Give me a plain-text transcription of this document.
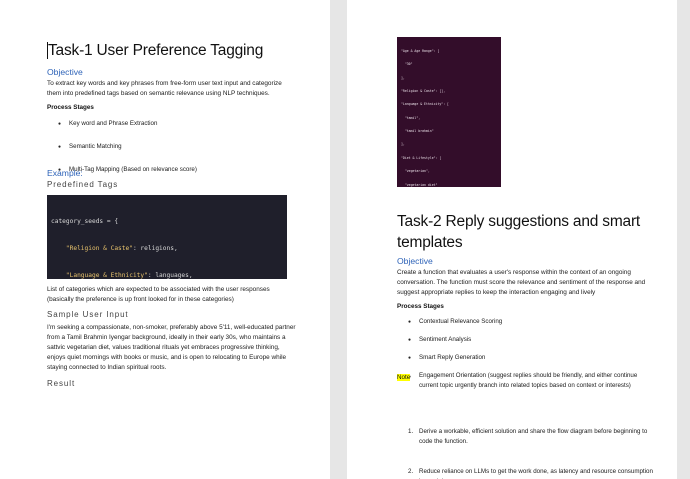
Task-1 User Preference Tagging
Objective
To extract key words and key phrases from free-form user text input and categorize them into predefined tags based on semantic relevance using NLP techniques.
Process Stages
● Key word and Phrase Extraction
● Semantic Matching
● Multi-Tag Mapping (Based on relevance score)
Example:
Predefined Tags

category_seeds = {

"Religion & Caste": religions,

"Language & Ethnicity": languages,

List of categories which are expected to be associated with the user responses (basically the preference is up front looked for in these categories)
Sample User Input
I'm seeking a compassionate, non-smoker, preferably above 5'11, well-educated partner from a Tamil Brahmin Iyengar background, ideally in their early 30s, who maintains a sattvic vegetarian diet, values traditional rituals yet embraces progressive thinking, enjoys quiet mornings with books or music, and is open to relocating to Europe while staying connected to Indian spiritual roots.
Result

"Age & Age Range": [

"30"

],

"Religion & Caste": [],

"Language & Ethnicity": [

"tamil",

"tamil brahmin"

],

"Diet & Lifestyle": [

"vegetarian",

"vegetarian diet"

Task-2 Reply suggestions and smart templates
Objective
Create a function that evaluates a user's response within the context of an ongoing conversation. The function must score the relevance and sentiment of the response and suggest appropriate replies to keep the interaction engaging and lively
Process Stages
● Contextual Relevance Scoring
● Sentiment Analysis
● Smart Reply Generation
● Engagement Orientation (suggest replies should be friendly, and either continue current topic urgently branch into related topics based on context or interests)
Note
1. Derive a workable, efficient solution and share the flow diagram before beginning to code the function.
2. Reduce reliance on LLMs to get the work done, as latency and resource consumption
